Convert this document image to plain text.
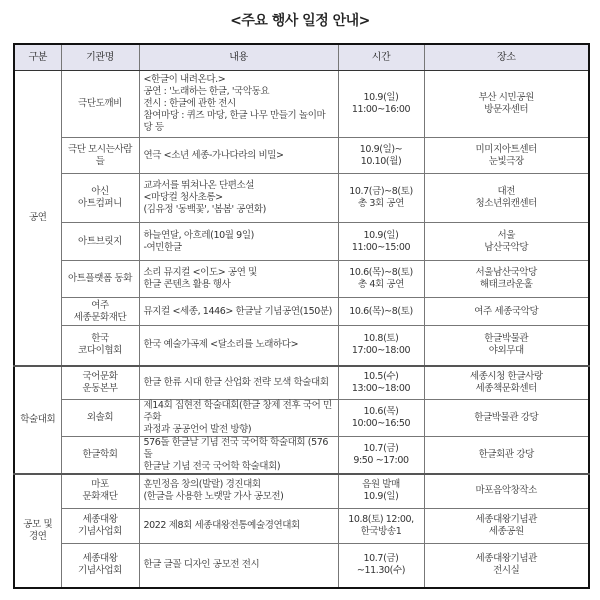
<주요 행사 일정 안내>
구분	기관명	내용	시간	장소

공연	극단도깨비	<한글이 내려온다.>
공연 : '노래하는 한글, '국악동요
전시 : 한글에 관한 전시
참여마당 : 퀴즈 마당, 한글 나무 만들기 놀이마당 등	10.9(일)
11:00~16:00	부산 시민공원
방문자센터

	극단 모시는사람들	연극 <소년 세종-가나다라의 비밀>	10.9(일)~
10.10(월)	미미지아트센터
눈빛극장

	아신
아트컴퍼니	교과서를 뛰쳐나온 단편소설
<마당컬 청사초롱>
(김유정 '동백꽃', '봄봄' 공연화)	10.7(금)~8(토)
총 3회 공연	대전
청소년위캔센터

	아트브릿지	하늘연달, 아흐레(10월 9일)
-여민한글	10.9(일)
11:00~15:00	서울
남산국악당

	아트플랫폼 동화	소리 뮤지컬 <이도> 공연 및
한글 콘텐츠 활용 행사	10.6(목)~8(토)
총 4회 공연	서울남산국악당
해태크라운홀

	여주
세종문화재단	뮤지컬 <세종, 1446> 한글날 기념공연(150분)	10.6(목)~8(토)	여주 세종국악당

	한국
코다이협회	한국 예술가곡제 <달소리를 노래하다>	10.8(토)
17:00~18:00	한글박물관
야외무대

학술대회	국어문화
운동본부	한글 한류 시대 한글 산업화 전략 모색 학술대회	10.5(수)
13:00~18:00	세종시청 한글사랑
세종책문화센터

	외솔회	제14회 집현전 학술대회(한글 창제 전후 국어 민주화
과정과 공공언어 발전 방향)	10.6(목)
10:00~16:50	한글박물관 강당

	한글학회	576돌 한글날 기념 전국 국어학 학술대회 (576돌
한글날 기념 전국 국어학 학술대회)	10.7(금)
9:50 ~17:00	한글회관 강당

공모 및
경연	마포
문화재단	훈민정음 창의(발랄) 경진대회
(한글을 사용한 노랫말 가사 공모전)	음원 발매
10.9(일)	마포음악창작소

	세종대왕
기념사업회	2022 제8회 세종대왕전통예술경연대회	10.8(토) 12:00,
한국방송1	세종대왕기념관
세종공원

	세종대왕
기념사업회	한글 글꼴 디자인 공모전 전시	10.7(금)
~11.30(수)	세종대왕기념관
전시실
